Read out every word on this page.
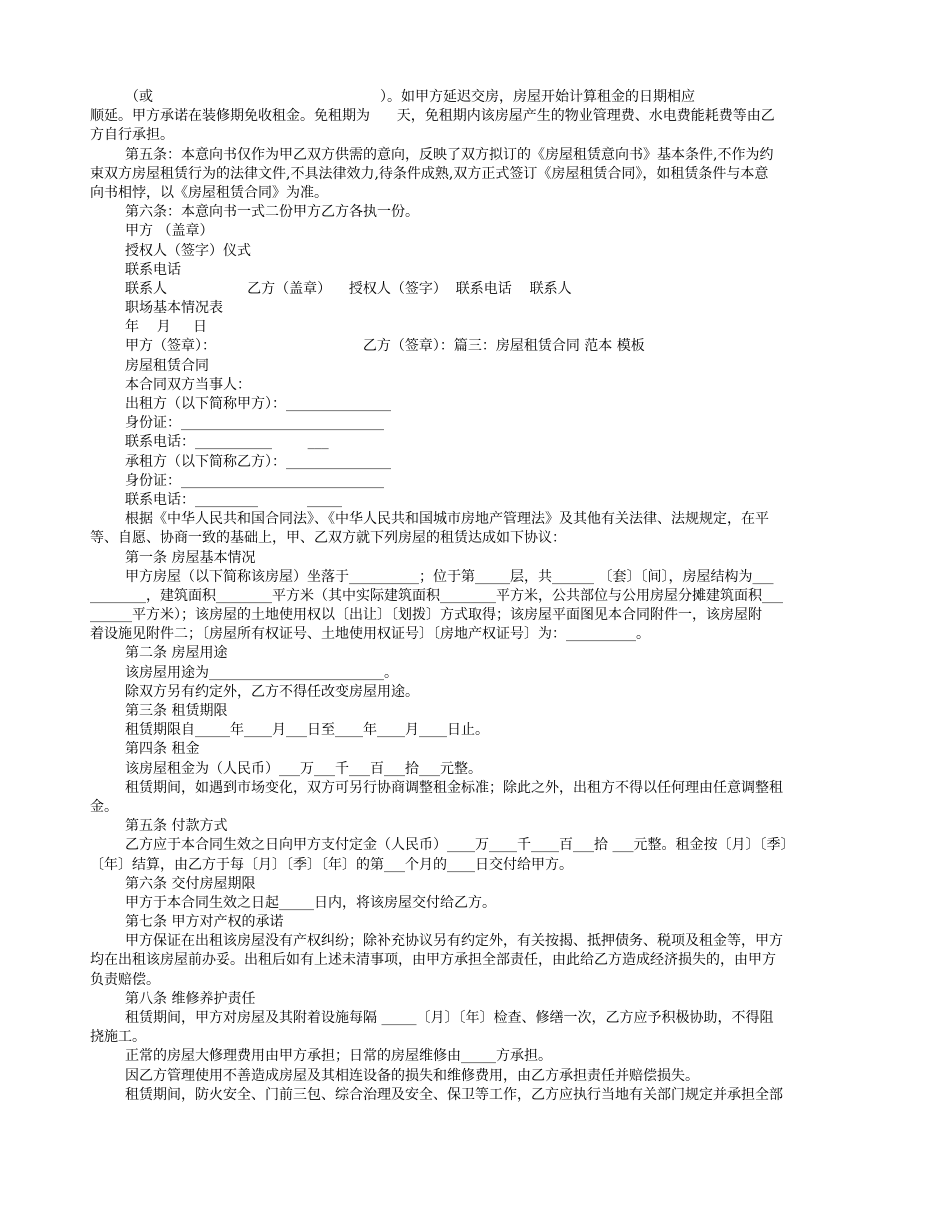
（或                                                   ）。如甲方延迟交房，房屋开始计算租金的日期相应
顺延。甲方承诺在装修期免收租金。免租期为      天，免租期内该房屋产生的物业管理费、水电费能耗费等由乙
方自行承担。
第五条：本意向书仅作为甲乙双方供需的意向，反映了双方拟订的《房屋租赁意向书》基本条件,不作为约
束双方房屋租赁行为的法律文件,不具法律效力,待条件成熟,双方正式签订《房屋租赁合同》，如租赁条件与本意
向书相悖，以《房屋租赁合同》为准。
第六条：本意向书一式二份甲方乙方各执一份。
甲方 （盖章）
授权人（签字）仪式
联系电话
联系人                  乙方（盖章）    授权人（签字）  联系电话    联系人
职场基本情况表
年    月     日
甲方（签章）：                                 乙方（签章）：篇三：房屋租赁合同 范本 模板
房屋租赁合同
本合同双方当事人：
出租方（以下简称甲方）：_______________
身份证：_____________________________
联系电话：___________        ___
承租方（以下简称乙方）：_______________
身份证：_____________________________
联系电话：_________           _____
根据《中华人民共和国合同法》、《中华人民共和国城市房地产管理法》及其他有关法律、法规规定，在平
等、自愿、协商一致的基础上，甲、乙双方就下列房屋的租赁达成如下协议：
第一条 房屋基本情况
甲方房屋（以下简称该房屋）坐落于__________；位于第_____层，共______ 〔套〕〔间〕，房屋结构为___
________，建筑面积________平方米（其中实际建筑面积________平方米，公共部位与公用房屋分摊建筑面积___
______平方米）；该房屋的土地使用权以〔出让〕〔划拨〕方式取得；该房屋平面图见本合同附件一，该房屋附
着设施见附件二；〔房屋所有权证号、土地使用权证号〕〔房地产权证号〕为：__________。
第二条 房屋用途
该房屋用途为_________________________。
除双方另有约定外，乙方不得任改变房屋用途。
第三条 租赁期限
租赁期限自_____年____月___日至____年____月____日止。
第四条 租金
该房屋租金为（人民币）___万___千___百___拾___元整。
租赁期间，如遇到市场变化，双方可另行协商调整租金标准；除此之外，出租方不得以任何理由任意调整租
金。
第五条 付款方式
乙方应于本合同生效之日向甲方支付定金（人民币）____万____千____百___拾 ___元整。租金按〔月〕〔季〕
〔年〕结算，由乙方于每〔月〕〔季〕〔年〕的第___个月的____日交付给甲方。
第六条 交付房屋期限
甲方于本合同生效之日起_____日内，将该房屋交付给乙方。
第七条 甲方对产权的承诺
甲方保证在出租该房屋没有产权纠纷；除补充协议另有约定外，有关按揭、抵押债务、税项及租金等，甲方
均在出租该房屋前办妥。出租后如有上述未清事项，由甲方承担全部责任，由此给乙方造成经济损失的，由甲方
负责赔偿。
第八条 维修养护责任
租赁期间，甲方对房屋及其附着设施每隔 _____〔月〕〔年〕检查、修缮一次，乙方应予积极协助，不得阻
挠施工。
正常的房屋大修理费用由甲方承担；日常的房屋维修由_____方承担。
因乙方管理使用不善造成房屋及其相连设备的损失和维修费用，由乙方承担责任并赔偿损失。
租赁期间，防火安全、门前三包、综合治理及安全、保卫等工作，乙方应执行当地有关部门规定并承担全部
